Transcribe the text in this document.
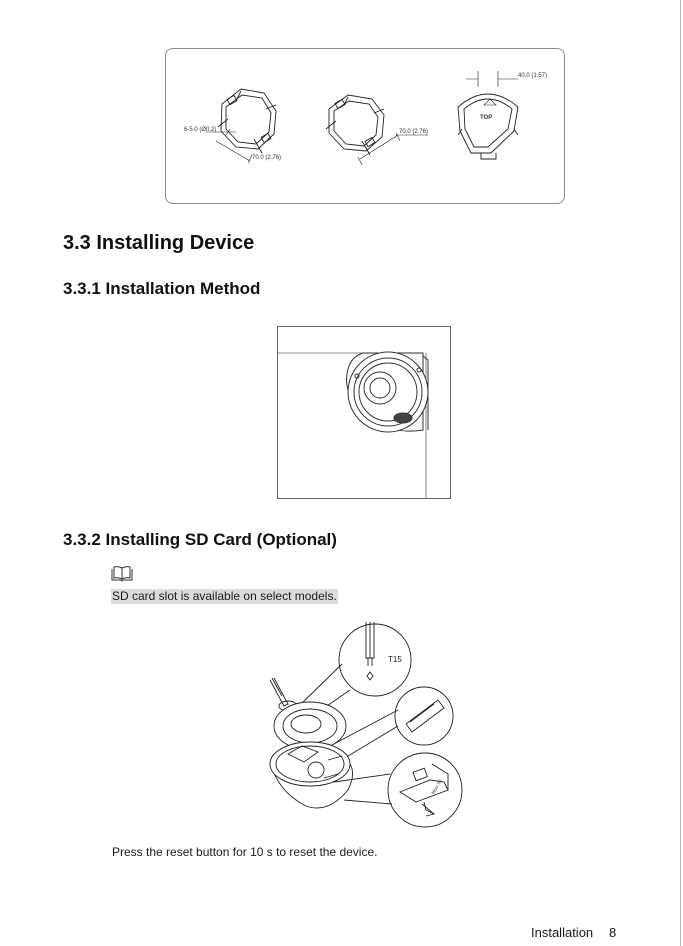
6-5.0 (Ø0.2)
70.0 (2.76)
70.0 (2.76)
40.0 (1.57)
TOP
3.3 Installing Device
3.3.1 Installation Method
3.3.2 Installing SD Card (Optional)
SD card slot is available on select models.
T15
Micro SD
Press the reset button for 10 s to reset the device.
Installation 8
